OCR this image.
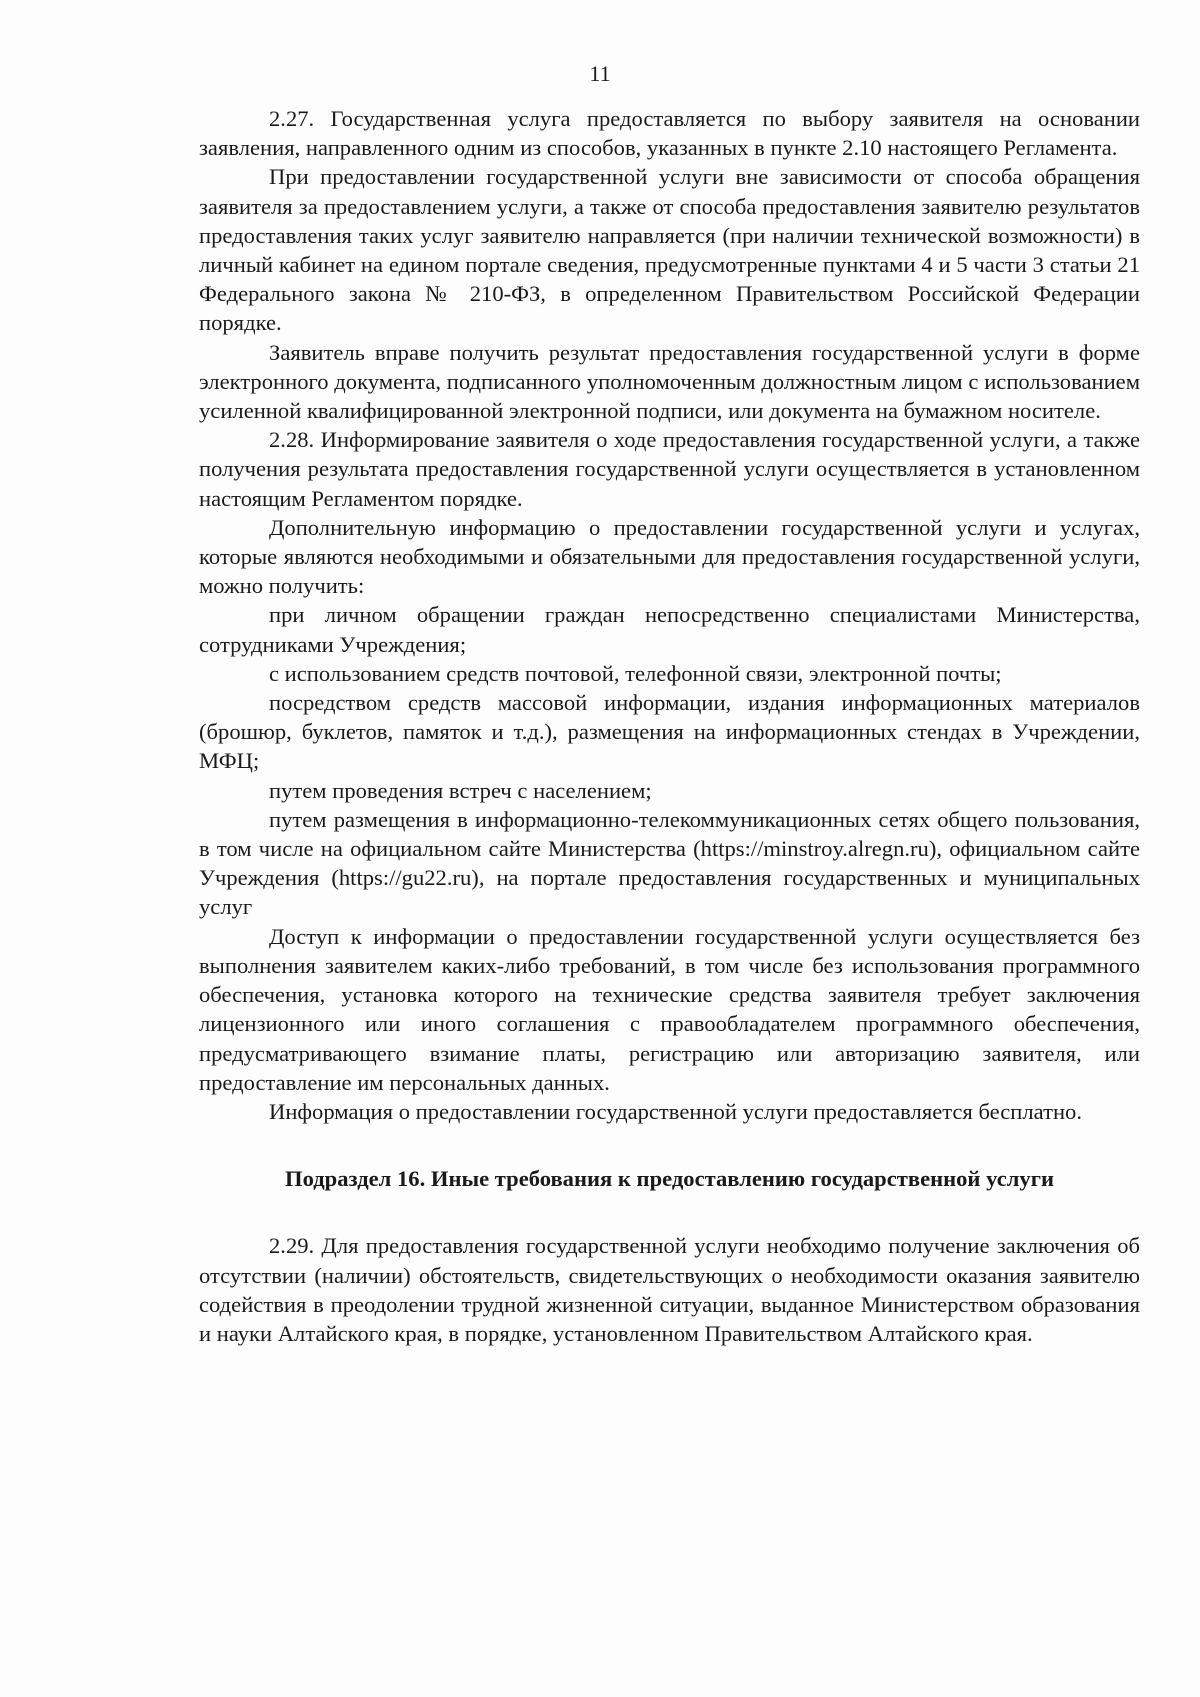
11

2.27. Государственная услуга предоставляется по выбору заявителя на основании заявления, направленного одним из способов, указанных в пункте 2.10 настоящего Регламента.

При предоставлении государственной услуги вне зависимости от способа обращения заявителя за предоставлением услуги, а также от способа предоставления заявителю результатов предоставления таких услуг заявителю направляется (при наличии технической возможности) в личный кабинет на едином портале сведения, предусмотренные пунктами 4 и 5 части 3 статьи 21 Федерального закона № 210-ФЗ, в определенном Правительством Российской Федерации порядке.

Заявитель вправе получить результат предоставления государственной услуги в форме электронного документа, подписанного уполномоченным должностным лицом с использованием усиленной квалифицированной электронной подписи, или документа на бумажном носителе.

2.28. Информирование заявителя о ходе предоставления государственной услуги, а также получения результата предоставления государственной услуги осуществляется в установленном настоящим Регламентом порядке.

Дополнительную информацию о предоставлении государственной услуги и услугах, которые являются необходимыми и обязательными для предоставления государственной услуги, можно получить:

при личном обращении граждан непосредственно специалистами Министерства, сотрудниками Учреждения;

с использованием средств почтовой, телефонной связи, электронной почты;

посредством средств массовой информации, издания информационных материалов (брошюр, буклетов, памяток и т.д.), размещения на информационных стендах в Учреждении, МФЦ;

путем проведения встреч с населением;

путем размещения в информационно-телекоммуникационных сетях общего пользования, в том числе на официальном сайте Министерства (https://minstroy.alregn.ru), официальном сайте Учреждения (https://gu22.ru), на портале предоставления государственных и муниципальных услуг

Доступ к информации о предоставлении государственной услуги осуществляется без выполнения заявителем каких-либо требований, в том числе без использования программного обеспечения, установка которого на технические средства заявителя требует заключения лицензионного или иного соглашения с правообладателем программного обеспечения, предусматривающего взимание платы, регистрацию или авторизацию заявителя, или предоставление им персональных данных.

Информация о предоставлении государственной услуги предоставляется бесплатно.

Подраздел 16. Иные требования к предоставлению государственной услуги

2.29. Для предоставления государственной услуги необходимо получение заключения об отсутствии (наличии) обстоятельств, свидетельствующих о необходимости оказания заявителю содействия в преодолении трудной жизненной ситуации, выданное Министерством образования и науки Алтайского края, в порядке, установленном Правительством Алтайского края.
